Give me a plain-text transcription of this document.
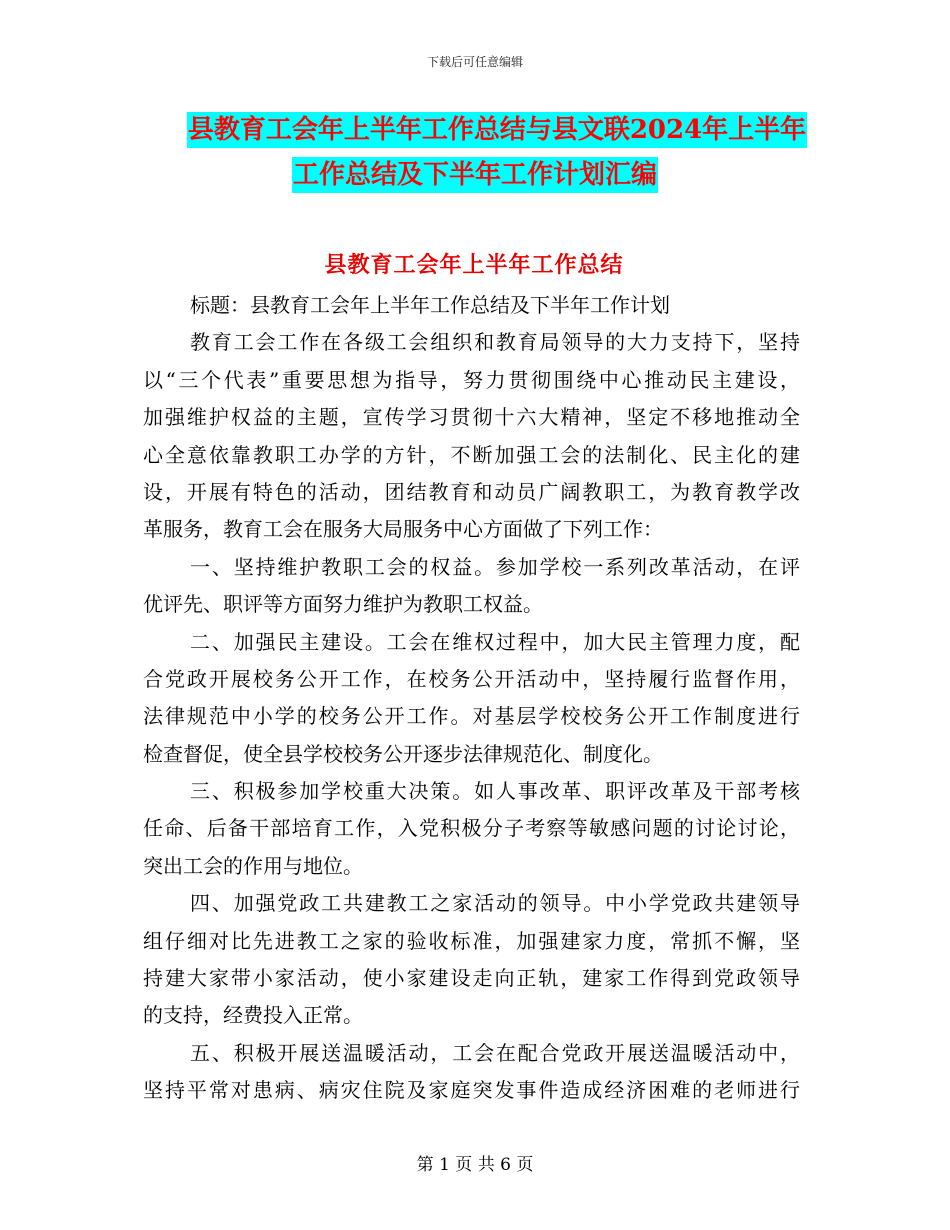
下载后可任意编辑
县教育工会年上半年工作总结与县文联2024年上半年
工作总结及下半年工作计划汇编
县教育工会年上半年工作总结
标题：县教育工会年上半年工作总结及下半年工作计划
教育工会工作在各级工会组织和教育局领导的大力支持下，坚持
以“三个代表”重要思想为指导，努力贯彻围绕中心推动民主建设，
加强维护权益的主题，宣传学习贯彻十六大精神，坚定不移地推动全
心全意依靠教职工办学的方针，不断加强工会的法制化、民主化的建
设，开展有特色的活动，团结教育和动员广阔教职工，为教育教学改
革服务，教育工会在服务大局服务中心方面做了下列工作：
一、坚持维护教职工会的权益。参加学校一系列改革活动，在评
优评先、职评等方面努力维护为教职工权益。
二、加强民主建设。工会在维权过程中，加大民主管理力度，配
合党政开展校务公开工作，在校务公开活动中，坚持履行监督作用，
法律规范中小学的校务公开工作。对基层学校校务公开工作制度进行
检查督促，使全县学校校务公开逐步法律规范化、制度化。
三、积极参加学校重大决策。如人事改革、职评改革及干部考核
任命、后备干部培育工作，入党积极分子考察等敏感问题的讨论讨论，
突出工会的作用与地位。
四、加强党政工共建教工之家活动的领导。中小学党政共建领导
组仔细对比先进教工之家的验收标准，加强建家力度，常抓不懈，坚
持建大家带小家活动，使小家建设走向正轨，建家工作得到党政领导
的支持，经费投入正常。
五、积极开展送温暖活动，工会在配合党政开展送温暖活动中，
坚持平常对患病、病灾住院及家庭突发事件造成经济困难的老师进行
第 1 页 共 6 页
